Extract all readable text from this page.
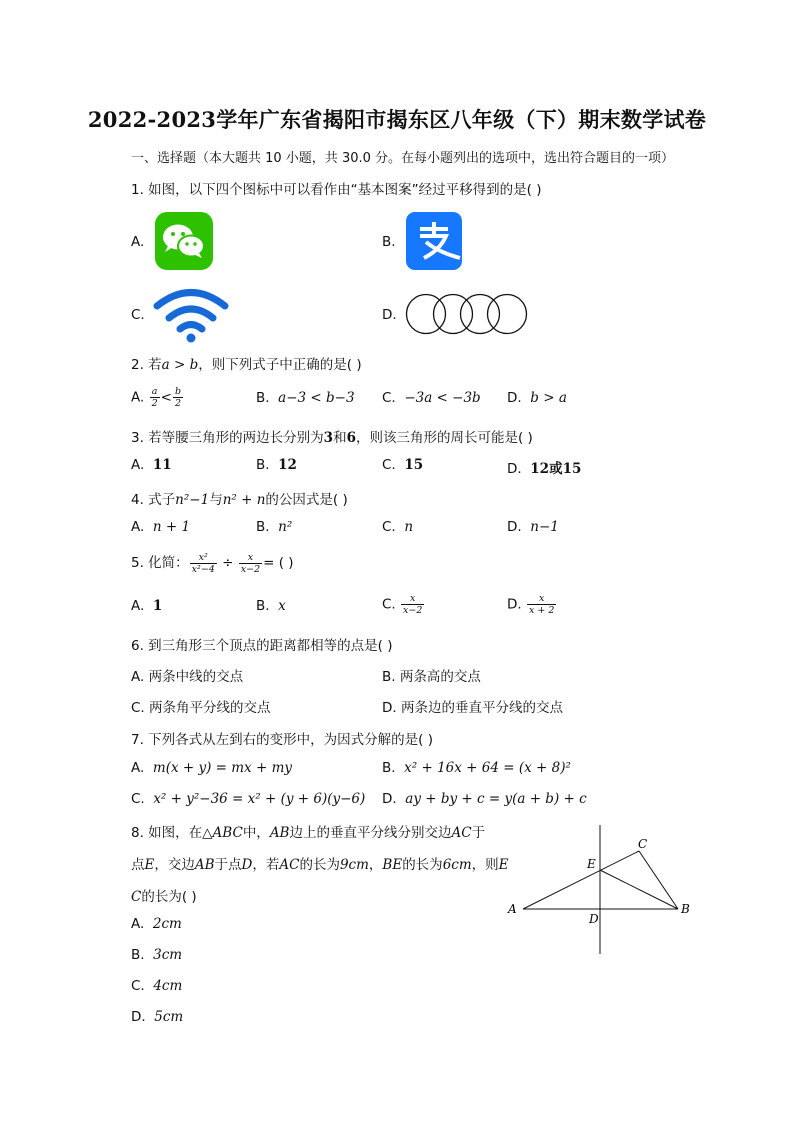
2022-2023学年广东省揭阳市揭东区八年级（下）期末数学试卷
一、选择题（本大题共 10 小题，共 30.0 分。在每小题列出的选项中，选出符合题目的一项）
1. 如图，以下四个图标中可以看作由“基本图案”经过平移得到的是( )
A.	B.
C.	D.
2. 若a > b，则下列式子中正确的是( )
A. $\frac{a}{2} < \frac{b}{2}$	B. a−3 < b−3 C. −3a < −3b D. b > a
3. 若等腰三角形的两边长分别为3和6，则该三角形的周长可能是( )
A. 11	B. 12	C. 15	D. 12或15
4. 式子n²−1与n² + n的公因式是( )
A. n + 1	B. n²	C. n	D. n−1
5. 化简： $\frac{\text{x²}}{\text{x²−4}} \div \frac{x}{x-2}$ = ( )
A. 1	B. x	C. $\frac{x}{x-2}$	D. $\frac{x}{x + 2}$
6. 到三角形三个顶点的距离都相等的点是( )
A. 两条中线的交点	B. 两条高的交点
C. 两条角平分线的交点	D. 两条边的垂直平分线的交点
7. 下列各式从左到右的变形中，为因式分解的是( )
A. m(x + y) = mx + my	B. x² + 16x + 64 = (x + 8)²
C. x² + y²−36 = x² + (y + 6)(y−6) D. ay + by + c = y(a + b) + c
8. 如图，在△ABC中，AB边上的垂直平分线分别交边AC于
点E，交边AB于点D，若AC的长为9cm，BE的长为6cm，则E
C的长为( )
A. 2cm
B. 3cm
C. 4cm
D. 5cm
A	B
C
D
E
